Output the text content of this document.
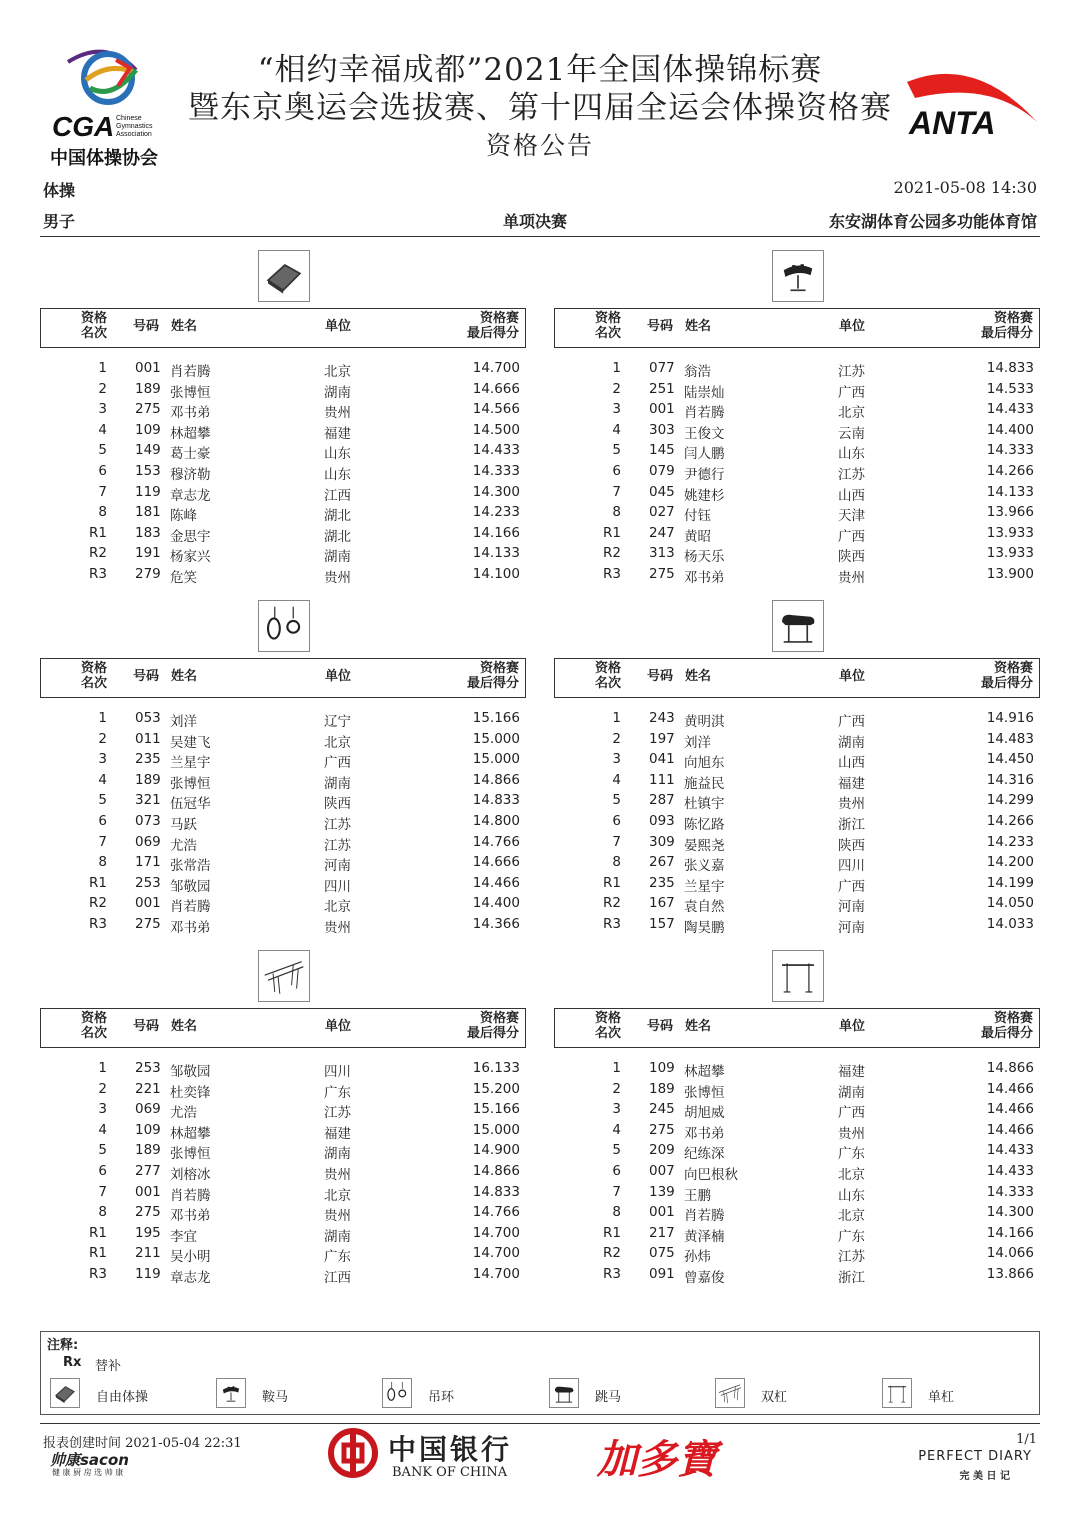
CGA Chinese
Gymnastics
Association
中国体操协会
“相约幸福成都”2021年全国体操锦标赛
暨东京奥运会选拔赛、第十四届全运会体操资格赛
资格公告
ANTA
体操	2021-05-08 14:30
男子	单项决赛	东安湖体育公园多功能体育馆
资格
名次	号码 姓名	单位
资格赛
最后得分
1 001 肖若腾	北京	14.700
2 189 张博恒	湖南	14.666
3 275 邓书弟	贵州	14.566
4 109 林超攀	福建	14.500
5 149 葛士豪	山东	14.433
6 153 穆济勒	山东	14.333
7 119 章志龙	江西	14.300
8 181 陈峰	湖北	14.233
R1 183 金思宇	湖北	14.166
R2 191 杨家兴	湖南	14.133
R3 279 危笑	贵州	14.100
资格
名次	号码 姓名	单位
资格赛
最后得分
1 077 翁浩	江苏	14.833
2 251 陆崇灿	广西	14.533
3 001 肖若腾	北京	14.433
4 303 王俊文	云南	14.400
5 145 闫人鹏	山东	14.333
6 079 尹德行	江苏	14.266
7 045 姚建杉	山西	14.133
8 027 付钰	天津	13.966
R1 247 黄昭	广西	13.933
R2 313 杨天乐	陕西	13.933
R3 275 邓书弟	贵州	13.900
资格
名次	号码 姓名	单位
资格赛
最后得分
1 053 刘洋	辽宁	15.166
2 011 吴建飞	北京	15.000
3 235 兰星宇	广西	15.000
4 189 张博恒	湖南	14.866
5 321 伍冠华	陕西	14.833
6 073 马跃	江苏	14.800
7 069 尤浩	江苏	14.766
8 171 张常浩	河南	14.666
R1 253 邹敬园	四川	14.466
R2 001 肖若腾	北京	14.400
R3 275 邓书弟	贵州	14.366
资格
名次	号码 姓名	单位
资格赛
最后得分
1 243 黄明淇	广西	14.916
2 197 刘洋	湖南	14.483
3 041 向旭东	山西	14.450
4 111 施益民	福建	14.316
5 287 杜镇宇	贵州	14.299
6 093 陈忆路	浙江	14.266
7 309 晏熙尧	陕西	14.233
8 267 张义嘉	四川	14.200
R1 235 兰星宇	广西	14.199
R2 167 袁自然	河南	14.050
R3 157 陶昊鹏	河南	14.033
资格
名次	号码 姓名	单位
资格赛
最后得分
1 253 邹敬园	四川	16.133
2 221 杜奕锋	广东	15.200
3 069 尤浩	江苏	15.166
4 109 林超攀	福建	15.000
5 189 张博恒	湖南	14.900
6 277 刘榕冰	贵州	14.866
7 001 肖若腾	北京	14.833
8 275 邓书弟	贵州	14.766
R1 195 李宜	湖南	14.700
R1 211 吴小明	广东	14.700
R3 119 章志龙	江西	14.700
资格
名次	号码 姓名	单位
资格赛
最后得分
1 109 林超攀	福建	14.866
2 189 张博恒	湖南	14.466
3 245 胡旭威	广西	14.466
4 275 邓书弟	贵州	14.466
5 209 纪练深	广东	14.433
6 007 向巴根秋	北京	14.433
7 139 王鹏	山东	14.333
8 001 肖若腾	北京	14.300
R1 217 黄泽楠	广东	14.166
R2 075 孙炜	江苏	14.066
R3 091 曾嘉俊	浙江	13.866
注释:
Rx 替补
自由体操	鞍马	吊环	跳马	双杠	单杠
报表创建时间 2021-05-04 22:31
帅康sacon
健 康 厨 房 选 帅 康
中国银行
BANK OF CHINA 加多寶	1/1
PERFECT DIARY
完 美 日 记
